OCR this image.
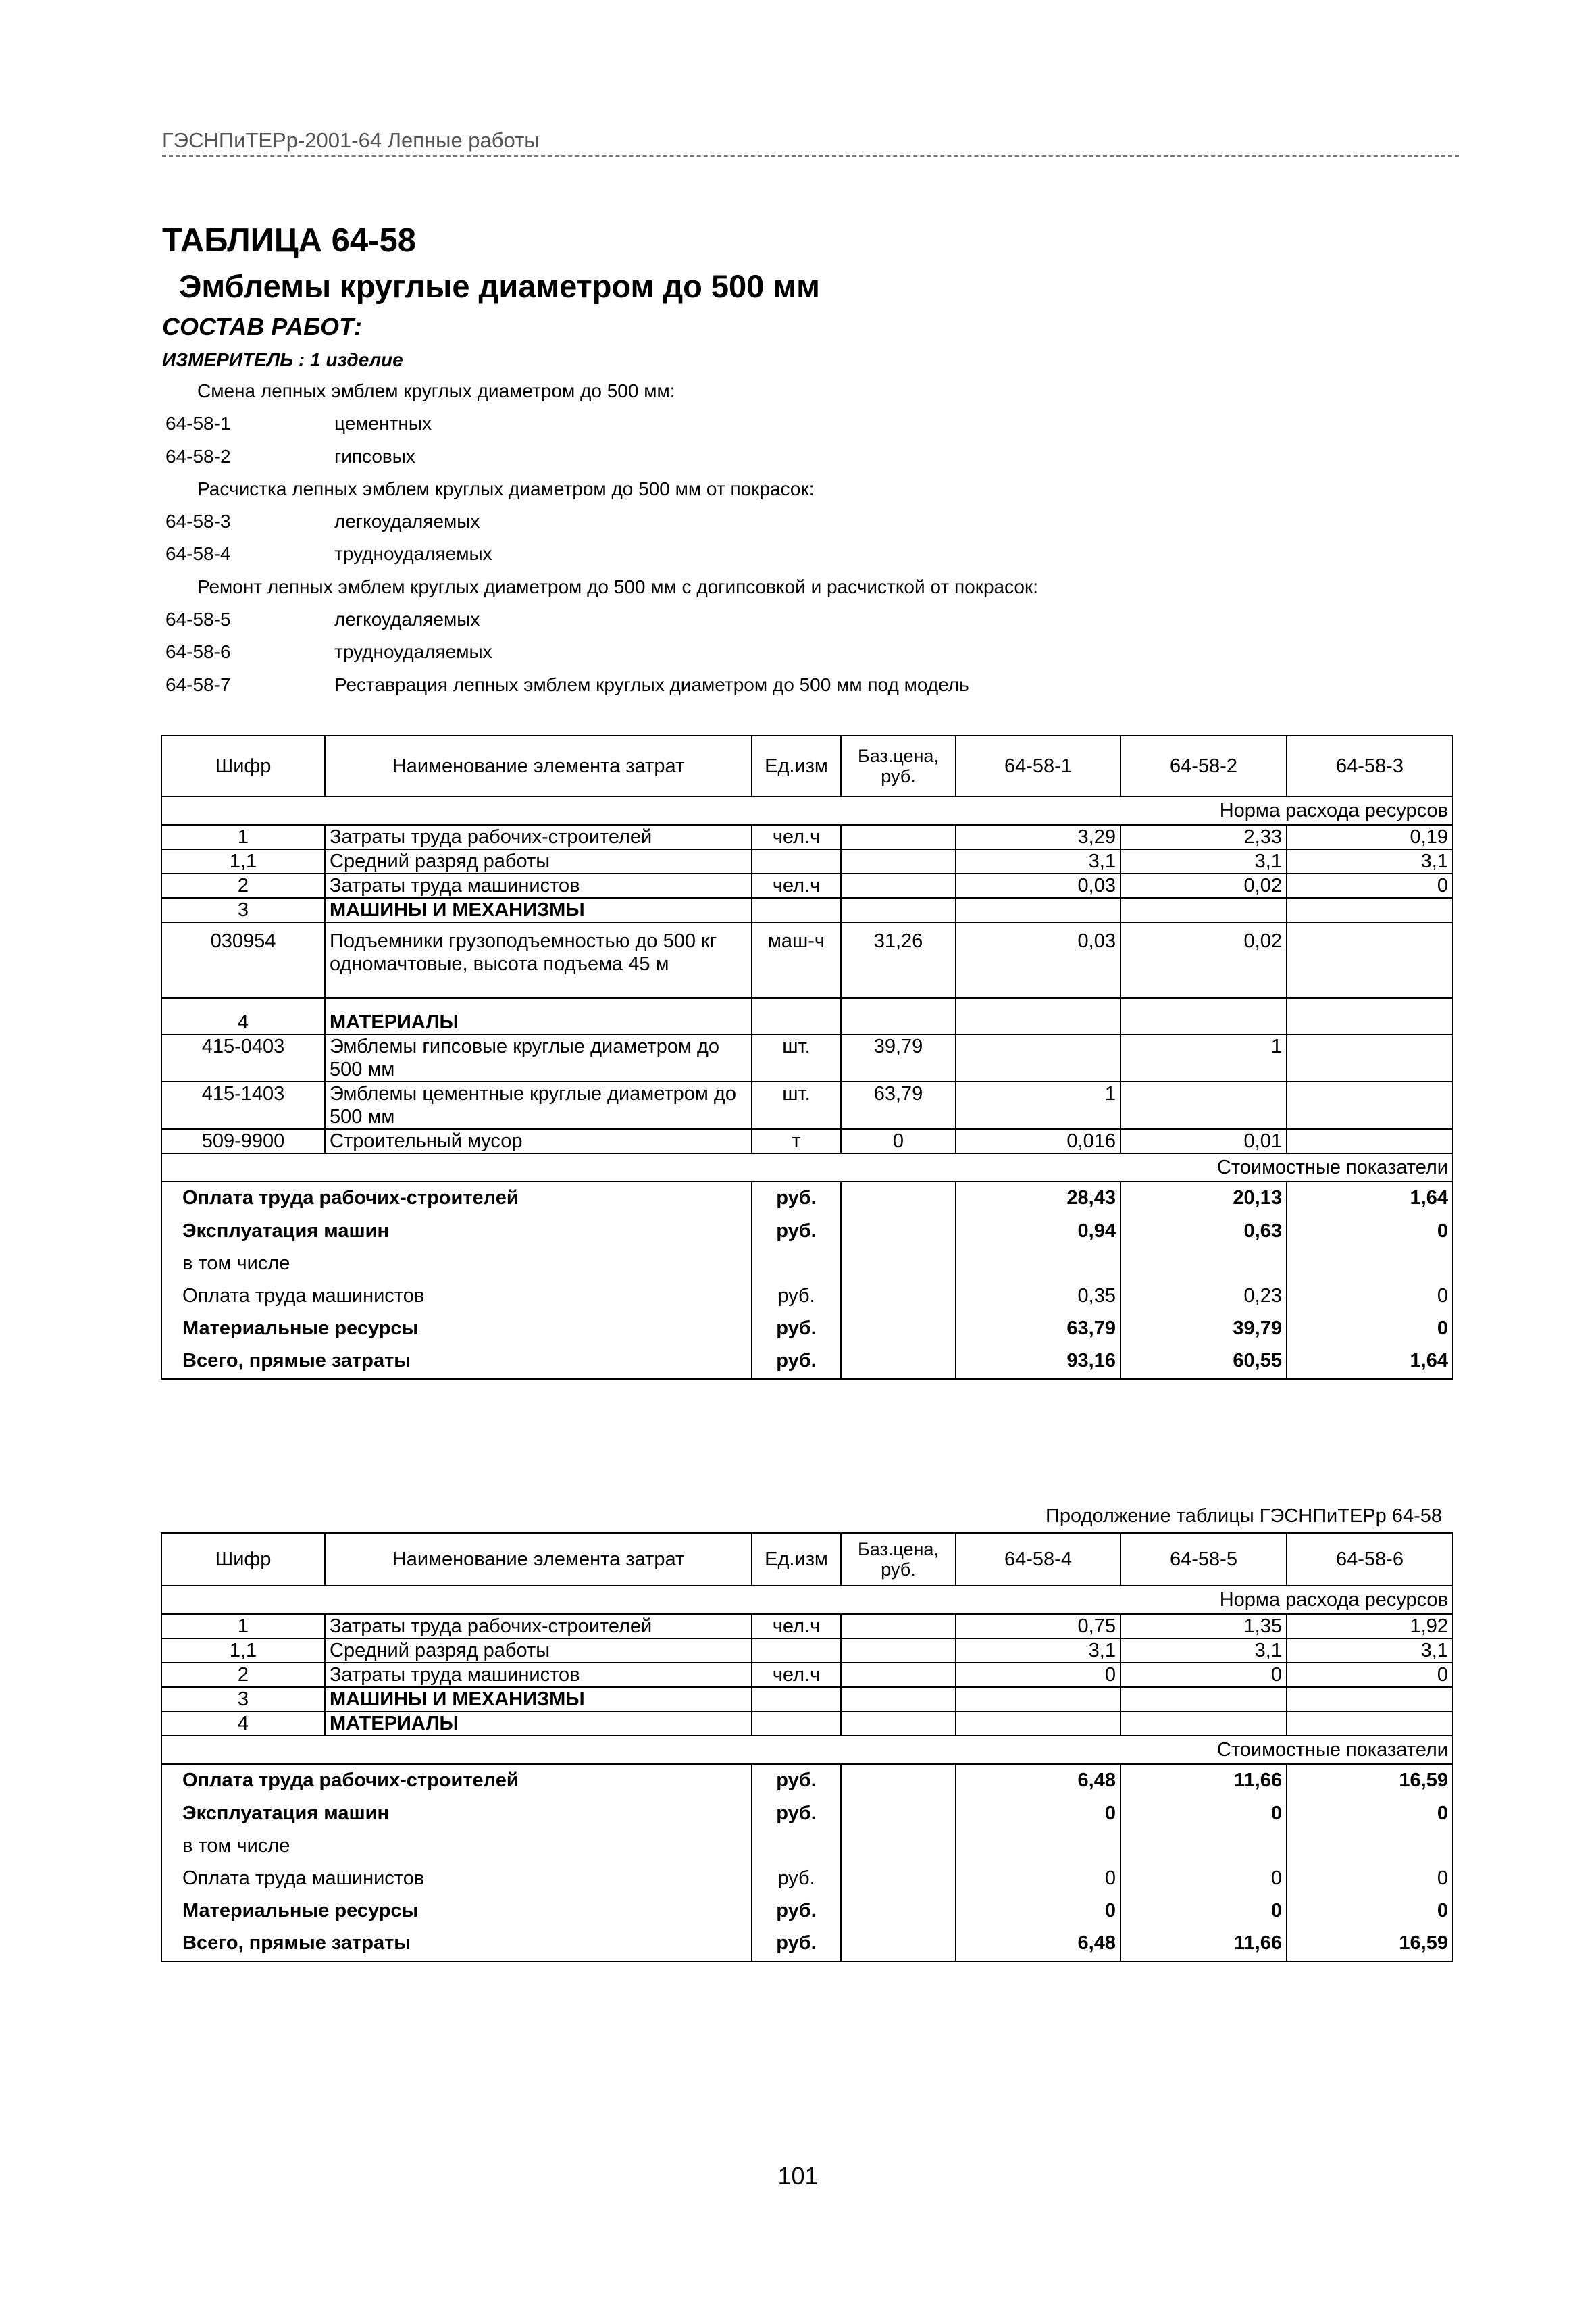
ГЭСНПиТЕРр-2001-64 Лепные работы
ТАБЛИЦА 64-58
Эмблемы круглые диаметром до 500 мм
СОСТАВ РАБОТ:
ИЗМЕРИТЕЛЬ : 1 изделие
Смена лепных эмблем круглых диаметром до 500 мм:
64-58-1	цементных
64-58-2	гипсовых
Расчистка лепных эмблем круглых диаметром до 500 мм от покрасок:
64-58-3	легкоудаляемых
64-58-4	трудноудаляемых
Ремонт лепных эмблем круглых диаметром до 500 мм с догипсовкой и расчисткой от покрасок:
64-58-5	легкоудаляемых
64-58-6	трудноудаляемых
64-58-7	Реставрация лепных эмблем круглых диаметром до 500 мм под модель
Шифр	Наименование элемента затрат	Ед.изм	Баз.цена, руб.	64-58-1	64-58-2	64-58-3
Норма расхода ресурсов						
1	Затраты труда рабочих-строителей	чел.ч		3,29	2,33	0,19
1,1	Средний разряд работы			3,1	3,1	3,1
2	Затраты труда машинистов	чел.ч		0,03	0,02	0
3	МАШИНЫ И МЕХАНИЗМЫ					
030954	Подъемники грузоподъемностью до 500 кг одномачтовые, высота подъема 45 м	маш-ч	31,26	0,03	0,02	
4	МАТЕРИАЛЫ					
415-0403	Эмблемы гипсовые круглые диаметром до 500 мм	шт.	39,79		1	
415-1403	Эмблемы цементные круглые диаметром до 500 мм	шт.	63,79	1		
509-9900	Строительный мусор	т	0	0,016	0,01	
Стоимостные показатели						
Оплата труда рабочих-строителей		руб.		28,43	20,13	1,64
Эксплуатация машин		руб.		0,94	0,63	0
в том числе						
Оплата труда машинистов		руб.		0,35	0,23	0
Материальные ресурсы		руб.		63,79	39,79	0
Всего, прямые затраты		руб.		93,16	60,55	1,64
Продолжение таблицы ГЭСНПиТЕРр 64-58
Шифр	Наименование элемента затрат	Ед.изм	Баз.цена, руб.	64-58-4	64-58-5	64-58-6
Норма расхода ресурсов						
1	Затраты труда рабочих-строителей	чел.ч		0,75	1,35	1,92
1,1	Средний разряд работы			3,1	3,1	3,1
2	Затраты труда машинистов	чел.ч		0	0	0
3	МАШИНЫ И МЕХАНИЗМЫ					
4	МАТЕРИАЛЫ					
Стоимостные показатели						
Оплата труда рабочих-строителей		руб.		6,48	11,66	16,59
Эксплуатация машин		руб.		0	0	0
в том числе						
Оплата труда машинистов		руб.		0	0	0
Материальные ресурсы		руб.		0	0	0
Всего, прямые затраты		руб.		6,48	11,66	16,59
101
